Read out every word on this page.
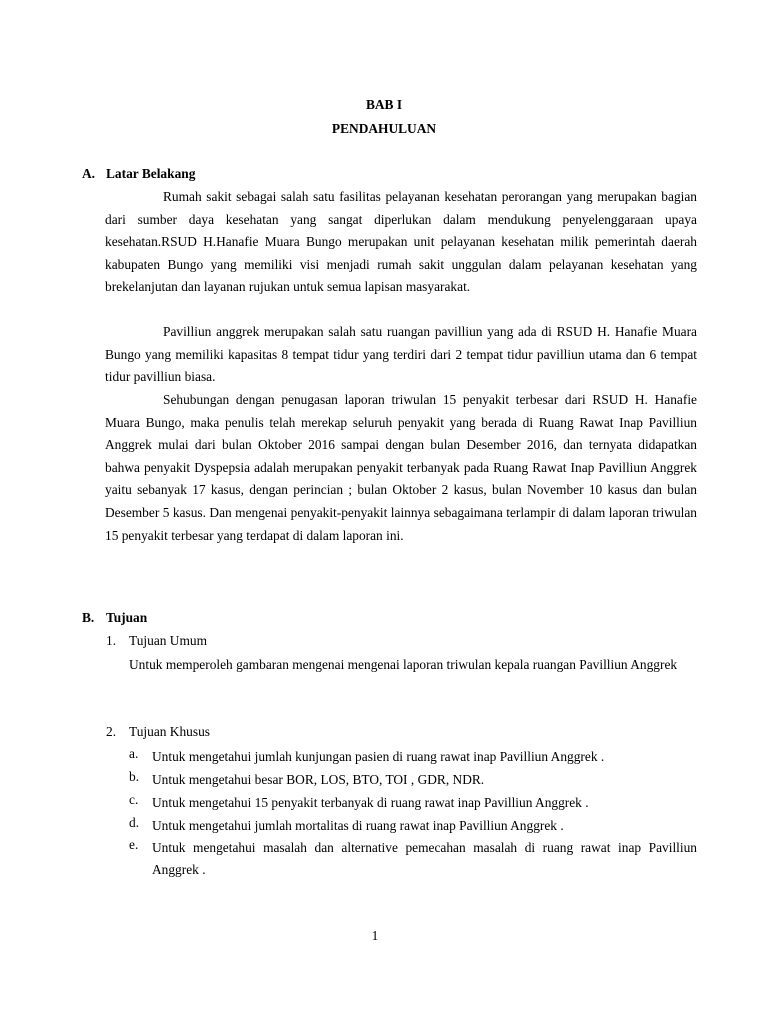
BAB I
PENDAHULUAN
A. Latar Belakang

Rumah sakit sebagai salah satu fasilitas pelayanan kesehatan perorangan yang merupakan bagian dari sumber daya kesehatan yang sangat diperlukan dalam mendukung penyelenggaraan upaya kesehatan.RSUD H.Hanafie Muara Bungo merupakan unit pelayanan kesehatan milik pemerintah daerah kabupaten Bungo yang memiliki visi menjadi rumah sakit unggulan dalam pelayanan kesehatan yang brekelanjutan dan layanan rujukan untuk semua lapisan masyarakat.

Pavilliun anggrek merupakan salah satu ruangan pavilliun yang ada di RSUD H. Hanafie Muara Bungo yang memiliki kapasitas 8 tempat tidur yang terdiri dari 2 tempat tidur pavilliun utama dan 6 tempat tidur pavilliun biasa.

Sehubungan dengan penugasan laporan triwulan 15 penyakit terbesar dari RSUD H. Hanafie Muara Bungo, maka penulis telah merekap seluruh penyakit yang berada di Ruang Rawat Inap Pavilliun Anggrek mulai dari bulan Oktober 2016 sampai dengan bulan Desember 2016, dan ternyata didapatkan bahwa penyakit Dyspepsia adalah merupakan penyakit terbanyak pada Ruang Rawat Inap Pavilliun Anggrek yaitu sebanyak 17 kasus, dengan perincian ; bulan Oktober 2 kasus, bulan November 10 kasus dan bulan Desember 5 kasus. Dan mengenai penyakit-penyakit lainnya sebagaimana terlampir di dalam laporan triwulan 15 penyakit terbesar yang terdapat di dalam laporan ini.

B. Tujuan
1. Tujuan Umum

Untuk memperoleh gambaran mengenai mengenai laporan triwulan kepala ruangan Pavilliun Anggrek

2. Tujuan Khusus
a. Untuk mengetahui jumlah kunjungan pasien di ruang rawat inap Pavilliun Anggrek .

b. Untuk mengetahui besar BOR, LOS, BTO, TOI , GDR, NDR.

c. Untuk mengetahui 15 penyakit terbanyak di ruang rawat inap Pavilliun Anggrek .

d. Untuk mengetahui jumlah mortalitas di ruang rawat inap Pavilliun Anggrek .

e. Untuk mengetahui masalah dan alternative pemecahan masalah di ruang rawat inap Pavilliun Anggrek .

1
